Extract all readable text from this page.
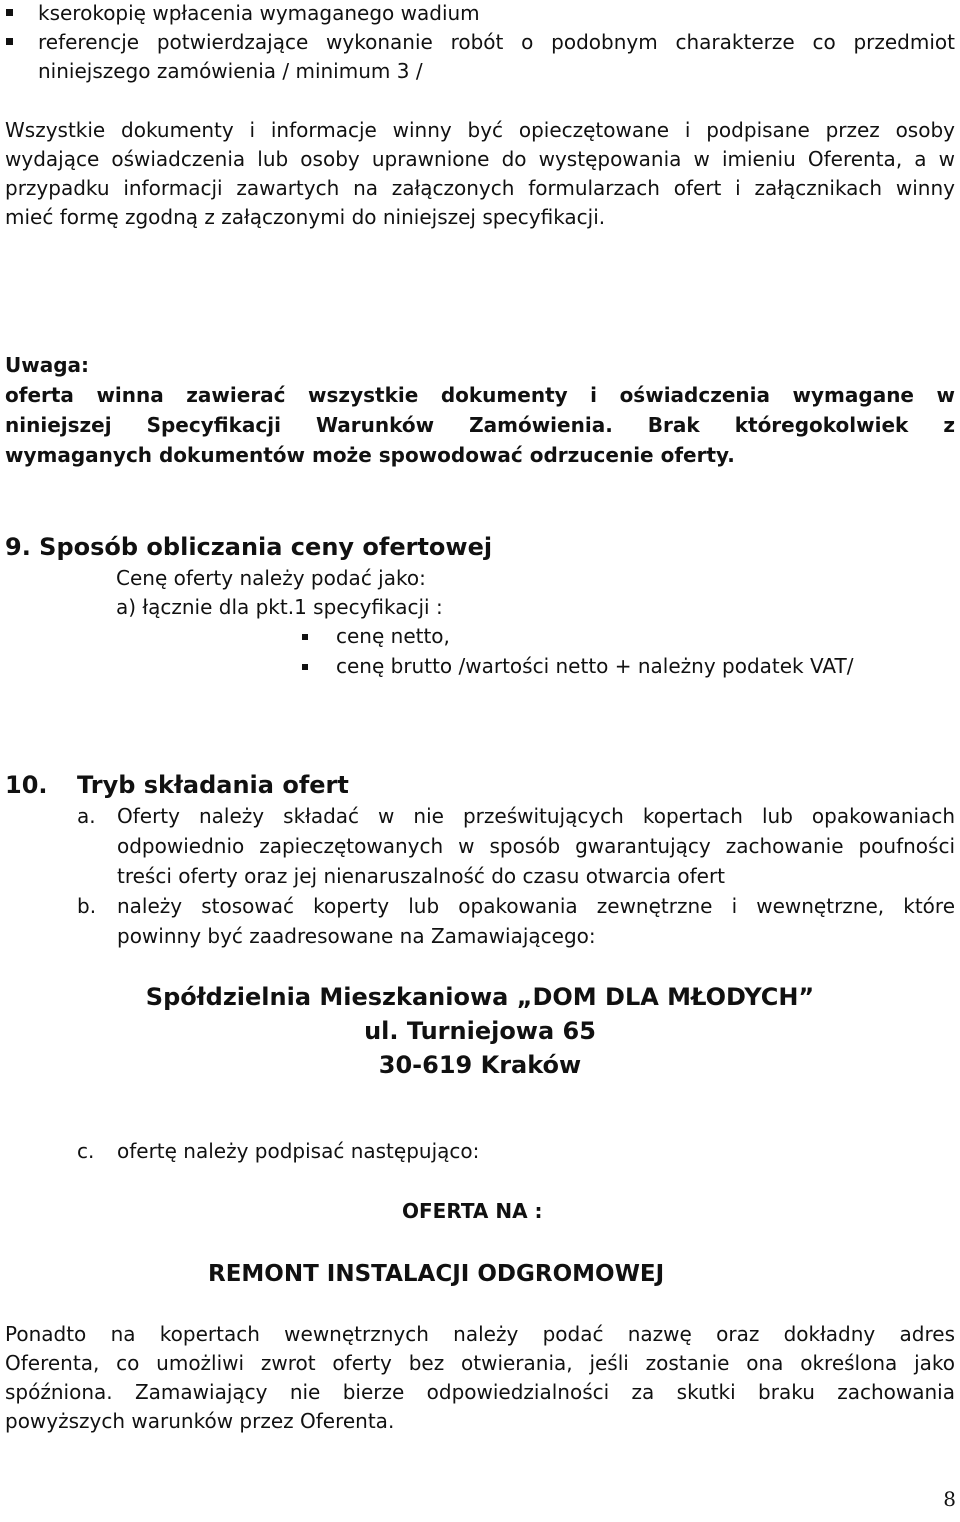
kserokopię wpłacenia wymaganego wadium

referencje potwierdzające wykonanie robót o podobnym charakterze co przedmiot

niniejszego zamówienia / minimum 3 /

Wszystkie dokumenty i informacje winny być opieczętowane i podpisane przez osoby

wydające oświadczenia lub osoby uprawnione do występowania w imieniu Oferenta, a w

przypadku informacji zawartych na załączonych formularzach ofert i załącznikach winny

mieć formę zgodną z załączonymi do niniejszej specyfikacji.

Uwaga:

oferta winna zawierać wszystkie dokumenty i oświadczenia wymagane w

niniejszej Specyfikacji Warunków Zamówienia. Brak któregokolwiek z

wymaganych dokumentów może spowodować odrzucenie oferty.

9. Sposób obliczania ceny ofertowej

Cenę oferty należy podać jako:

a) łącznie dla pkt.1 specyfikacji :

cenę netto,

cenę brutto /wartości netto + należny podatek VAT/

10. Tryb składania ofert

a. Oferty należy składać w nie prześwitujących kopertach lub opakowaniach

odpowiednio zapieczętowanych w sposób gwarantujący zachowanie poufności

treści oferty oraz jej nienaruszalność do czasu otwarcia ofert

b. należy stosować koperty lub opakowania zewnętrzne i wewnętrzne, które

powinny być zaadresowane na Zamawiającego:

Spółdzielnia Mieszkaniowa „DOM DLA MŁODYCH”

ul. Turniejowa 65

30-619 Kraków

c. ofertę należy podpisać następująco:

OFERTA NA :

REMONT INSTALACJI ODGROMOWEJ

Ponadto na kopertach wewnętrznych należy podać nazwę oraz dokładny adres

Oferenta, co umożliwi zwrot oferty bez otwierania, jeśli zostanie ona określona jako

spóźniona. Zamawiający nie bierze odpowiedzialności za skutki braku zachowania

powyższych warunków przez Oferenta.

8
